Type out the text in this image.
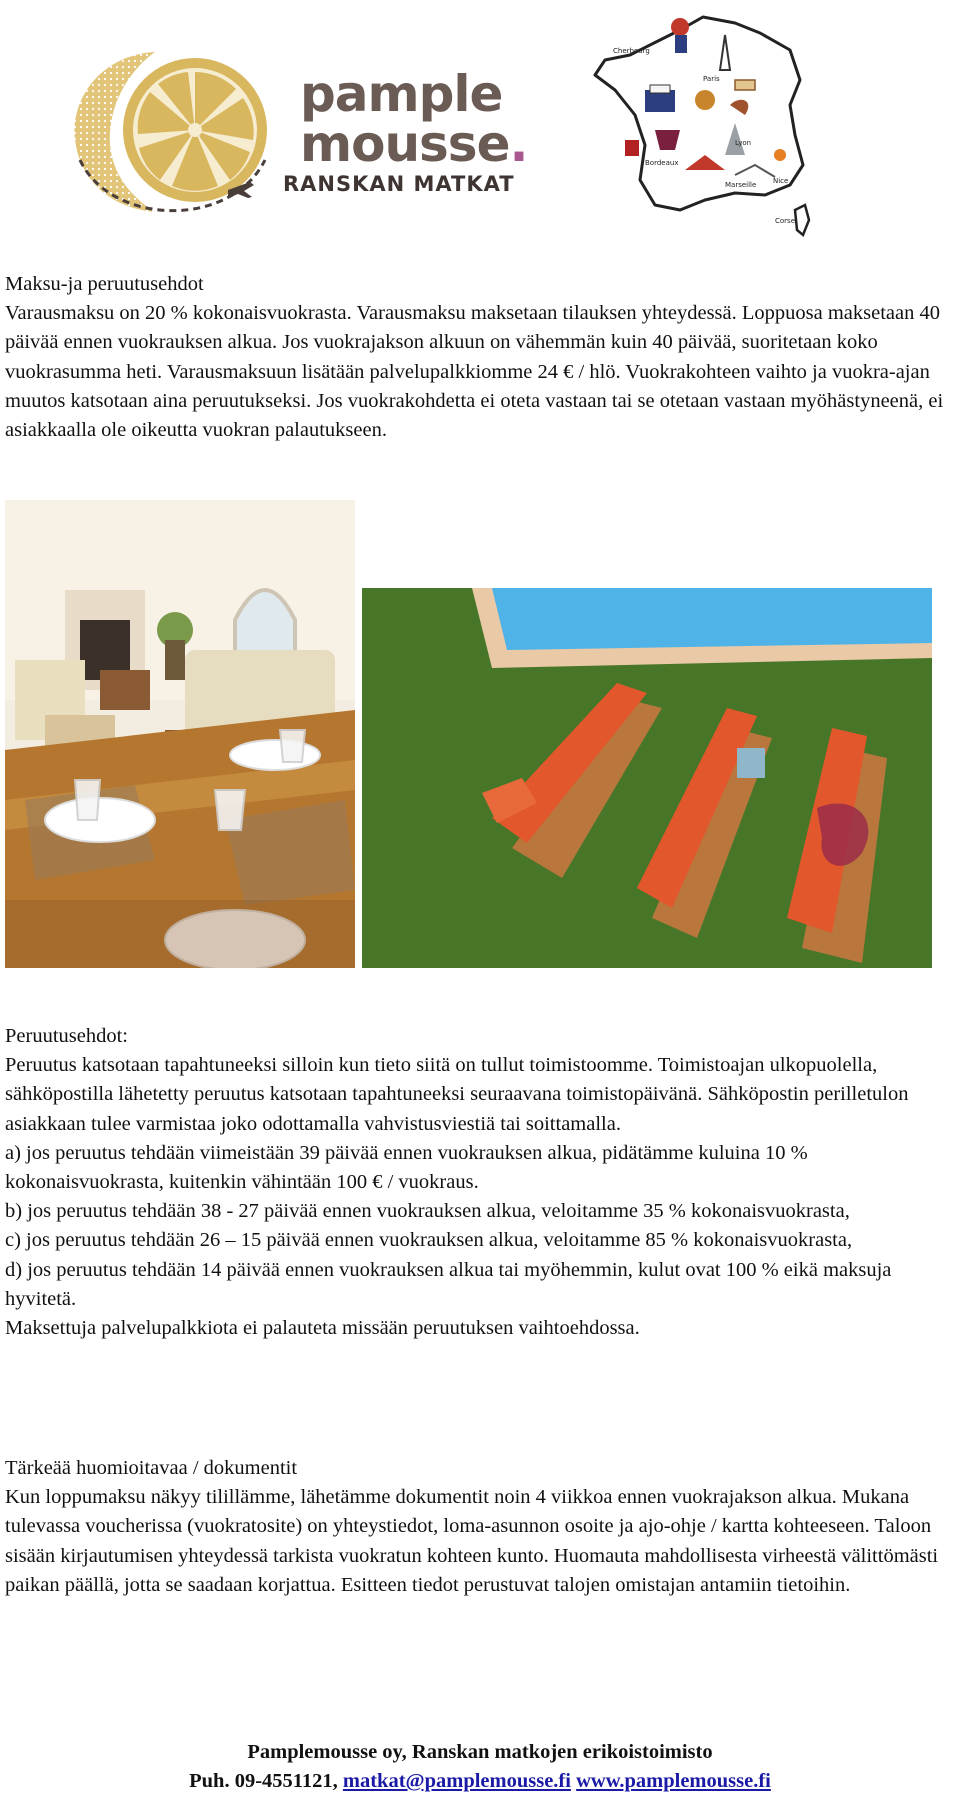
pample
mousse.
RANSKAN MATKAT
Cherbourg
Paris
Lyon
Bordeaux
Nice
Marseille
Corse

Maksu-ja peruutusehdot

Varausmaksu on 20 % kokonaisvuokrasta. Varausmaksu maksetaan tilauksen yhteydessä. Loppuosa maksetaan 40 päivää ennen vuokrauksen alkua. Jos vuokrajakson alkuun on vähemmän kuin 40 päivää, suoritetaan koko vuokrasumma heti. Varausmaksuun lisätään palvelupalkkiomme 24 € / hlö. Vuokrakohteen vaihto ja vuokra-ajan muutos katsotaan aina peruutukseksi. Jos vuokrakohdetta ei oteta vastaan tai se otetaan vastaan myöhästyneenä, ei asiakkaalla ole oikeutta vuokran palautukseen.

Peruutusehdot:

Peruutus katsotaan tapahtuneeksi silloin kun tieto siitä on tullut toimistoomme. Toimistoajan ulkopuolella, sähköpostilla lähetetty peruutus katsotaan tapahtuneeksi seuraavana toimistopäivänä. Sähköpostin perilletulon asiakkaan tulee varmistaa joko odottamalla vahvistusviestiä tai soittamalla.

a) jos peruutus tehdään viimeistään 39 päivää ennen vuokrauksen alkua, pidätämme kuluina 10 % kokonaisvuokrasta, kuitenkin vähintään 100 € / vuokraus.

b) jos peruutus tehdään 38 - 27 päivää ennen vuokrauksen alkua, veloitamme 35 % kokonaisvuokrasta,

c) jos peruutus tehdään 26 – 15 päivää ennen vuokrauksen alkua, veloitamme 85 % kokonaisvuokrasta,

d) jos peruutus tehdään 14 päivää ennen vuokrauksen alkua tai myöhemmin, kulut ovat 100 % eikä maksuja hyvitetä.

Maksettuja palvelupalkkiota ei palauteta missään peruutuksen vaihtoehdossa.

Tärkeää huomioitavaa / dokumentit

Kun loppumaksu näkyy tilillämme, lähetämme dokumentit noin 4 viikkoa ennen vuokrajakson alkua. Mukana tulevassa voucherissa (vuokratosite) on yhteystiedot, loma-asunnon osoite ja ajo-ohje / kartta kohteeseen. Taloon sisään kirjautumisen yhteydessä tarkista vuokratun kohteen kunto. Huomauta mahdollisesta virheestä välittömästi paikan päällä, jotta se saadaan korjattua. Esitteen tiedot perustuvat talojen omistajan antamiin tietoihin.

Pamplemousse oy, Ranskan matkojen erikoistoimisto
Puh. 09-4551121, matkat@pamplemousse.fi www.pamplemousse.fi
